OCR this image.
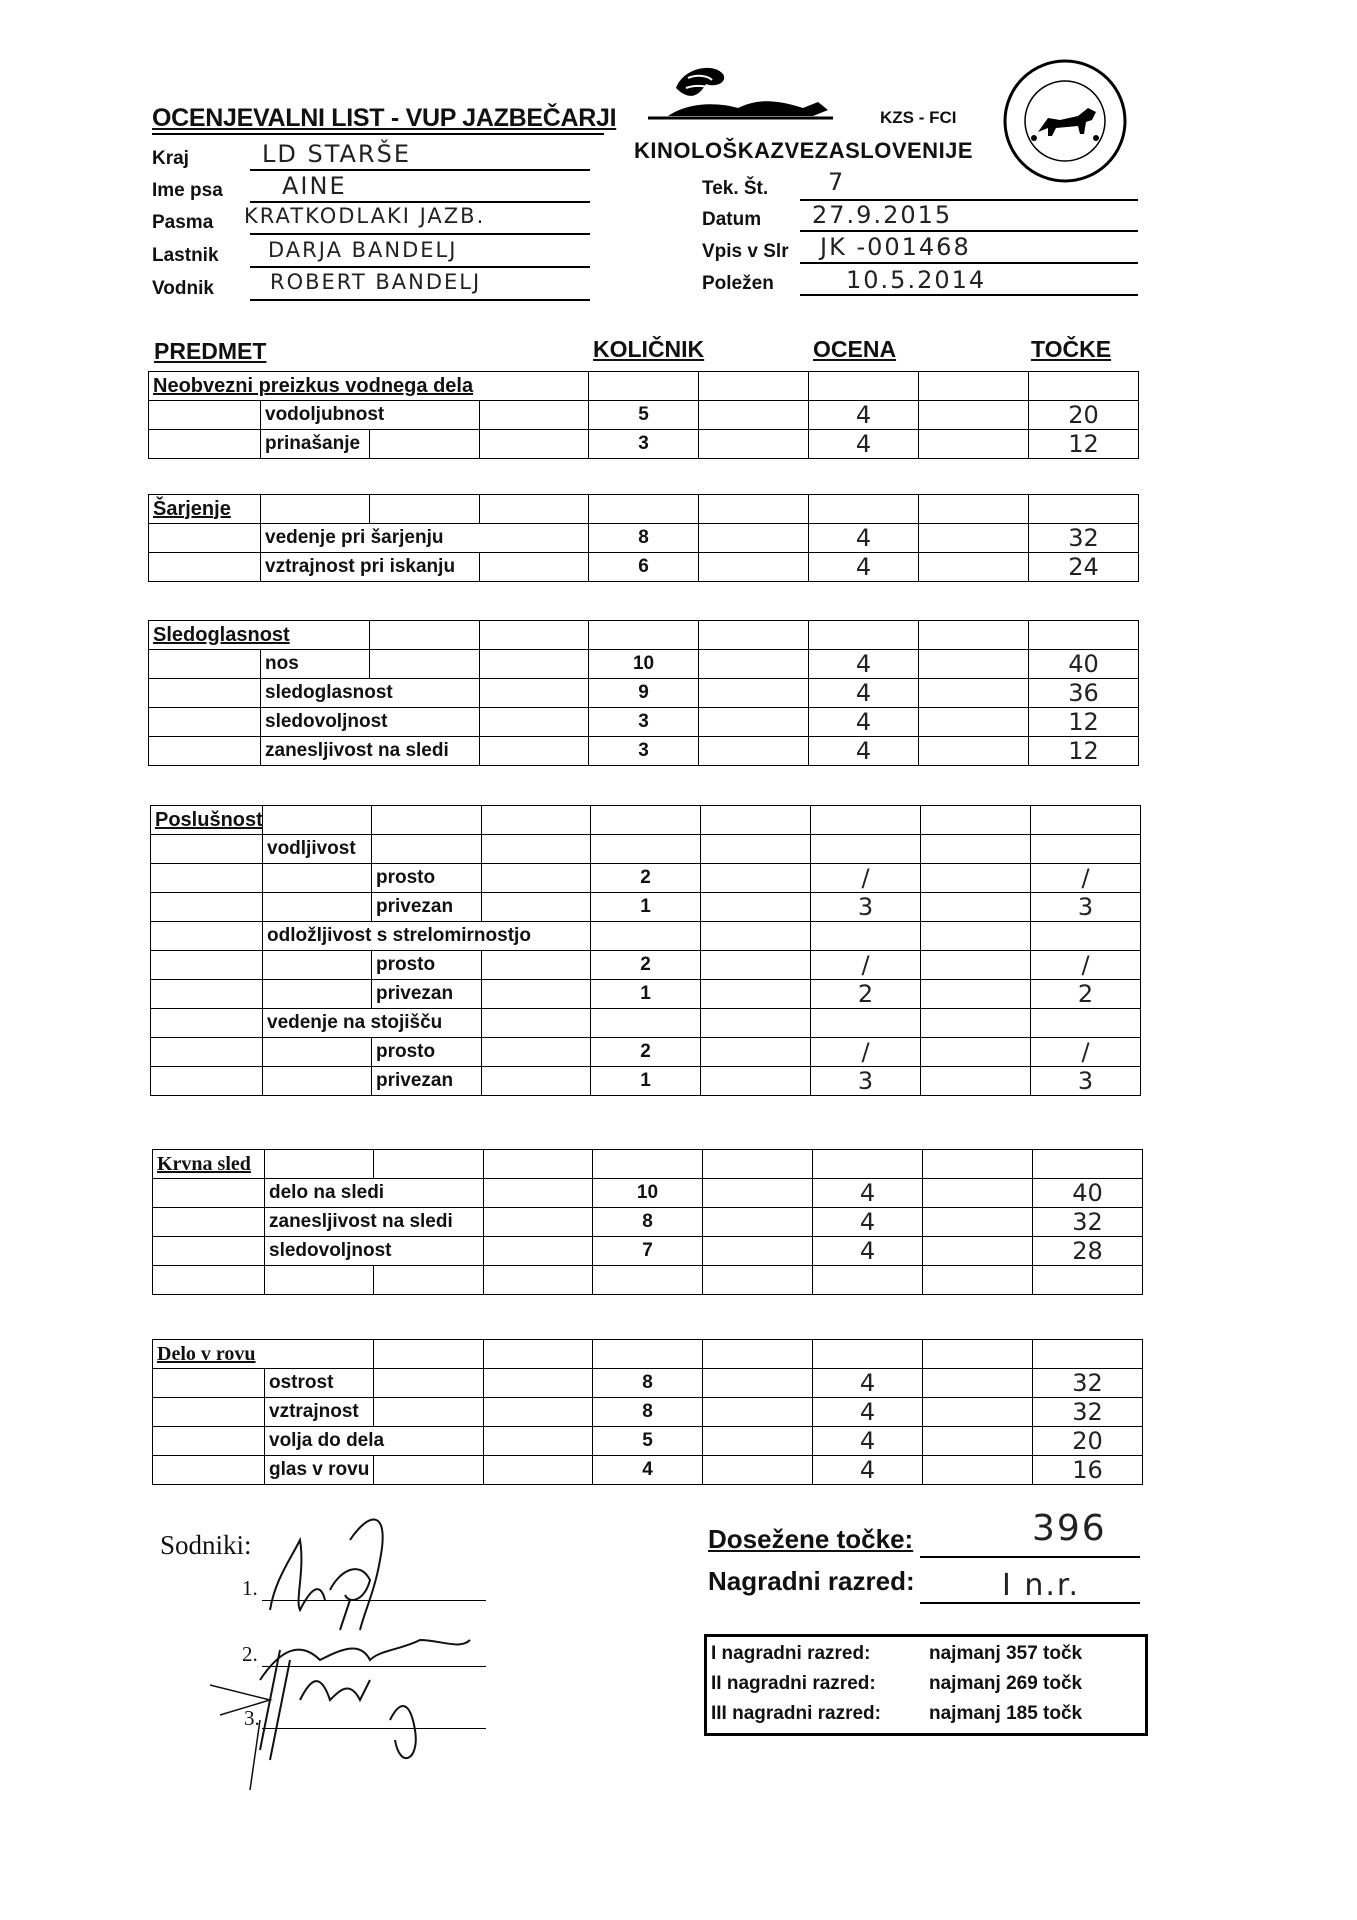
OCENJEVALNI LIST - VUP JAZBEČARJI	KZS - FCI
KINOLOŠKAZVEZASLOVENIJE
Kraj	LD STARŠE
Ime psa AINE
Pasma KRATKODLAKI JAZB.
Lastnik DARJA BANDELJ
Vodnik	ROBERT BANDELJ
Tek. Št. 7
Datum 27.9.2015
Vpis v Slr JK -001468
Poležen	10.5.2014
PREDMET	KOLIČNIK	OCENA	TOČKE
Neobvezni preizkus vodnega dela								
	vodoljubnost			5		4		20
	prinašanje			3		4		12
Šarjenje								
	vedenje pri šarjenju			8		4		32
	vztrajnost pri iskanju			6		4		24
Sledoglasnost								
	nos			10		4		40
	sledoglasnost			9		4		36
	sledovoljnost			3		4		12
	zanesljivost na sledi			3		4		12
Poslušnost								
	vodljivost							
		prosto		2		/		/
		privezan		1		3		3
	odložljivost s strelomirnostjo							
		prosto		2		/		/
		privezan		1		2		2
	vedenje na stojišču							
		prosto		2		/		/
		privezan		1		3		3
Krvna sled								
	delo na sledi			10		4		40
	zanesljivost na sledi			8		4		32
	sledovoljnost			7		4		28

Delo v rovu								
	ostrost			8		4		32
	vztrajnost			8		4		32
	volja do dela			5		4		20
	glas v rovu			4		4		16
Sodniki:
1.
2.
3.
Dosežene točke:	396
Nagradni razred:	I n.r.
I nagradni razred:	najmanj 357 točk
II nagradni razred:	najmanj 269 točk
III nagradni razred:	najmanj 185 točk
